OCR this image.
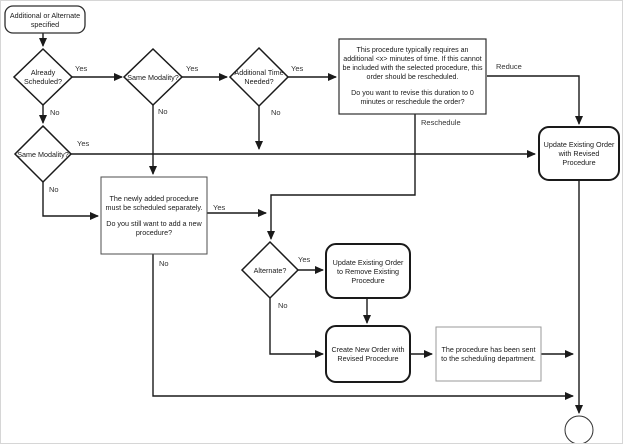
Additional or Alternate specified
Already Scheduled?	Same Modality?	Additional Time Needed?
This procedure typically requires an additional <x> minutes of time. If this cannot be included with the selected procedure, this order should be rescheduled.
Do you want to revise this duration to 0 minutes or reschedule the order?
Same Modality?
The newly added procedure must be scheduled separately.
Do you still want to add a new procedure?
Update Existing Order with Revised Procedure
Alternate?
Update Existing Order to Remove Existing Procedure
Create New Order with Revised Procedure
The procedure has been sent to the scheduling department.
Yes
No
Yes
No
Yes
No
Reduce
Reschedule
Yes
No
Yes
No	Yes
No
